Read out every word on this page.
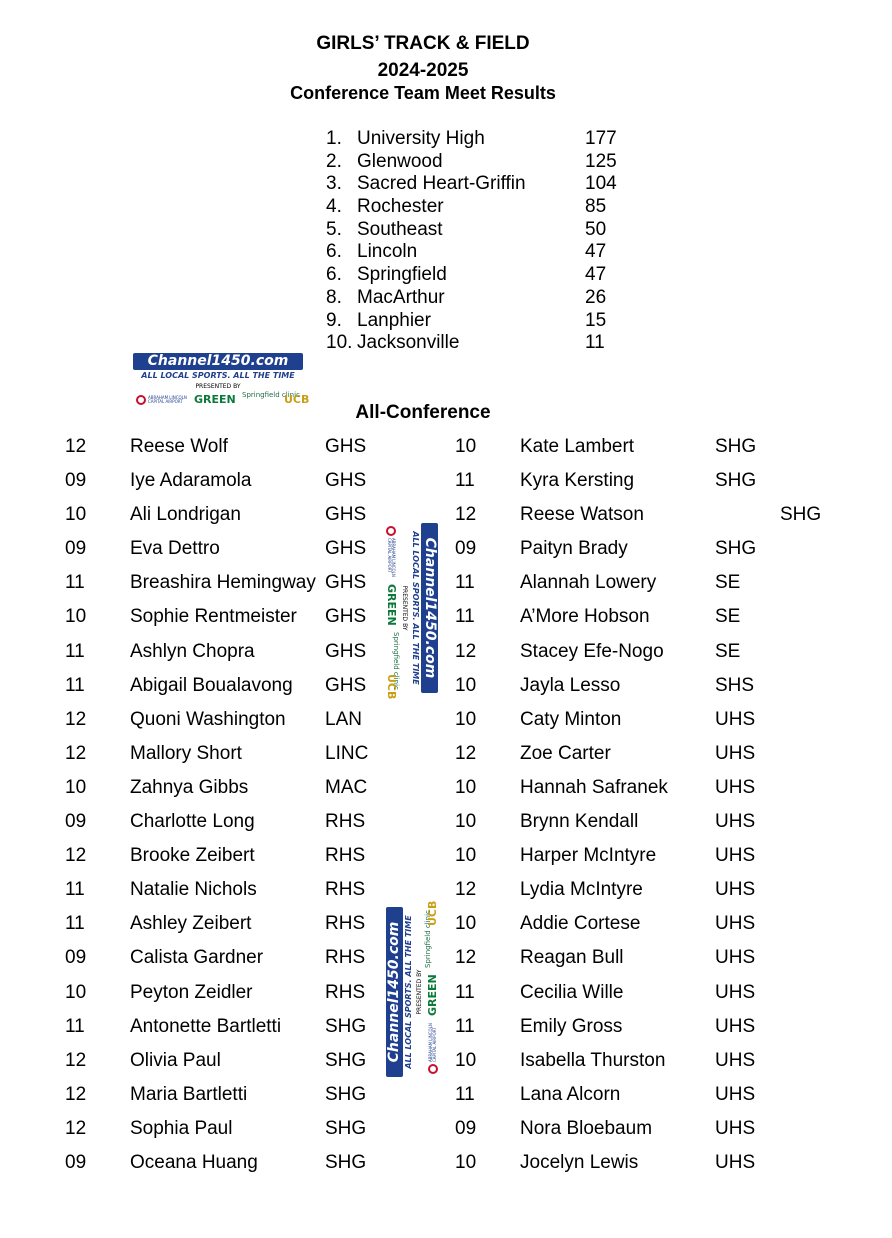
GIRLS’ TRACK & FIELD
2024-2025
Conference Team Meet Results
1. University High	177
2. Glenwood	125
3. Sacred Heart-Griffin	104
4. Rochester	85
5. Southeast	50
6. Lincoln	47
6. Springfield	47
8. MacArthur	26
9. Lanphier	15
10. Jacksonville	11
Channel1450.com
ALL LOCAL SPORTS. ALL THE TIME
PRESENTED BY
ABRAHAM LINCOLN CAPITAL AIRPORT	GREEN Springfield clinic
UCB
All-Conference
12 Reese Wolf	GHS	10 Kate Lambert	SHG
09 Iye Adaramola	GHS	11 Kyra Kersting	SHG
10 Ali Londrigan	GHS	12 Reese Watson	SHG
09 Eva Dettro	GHS	09 Paityn Brady	SHG
11 Breashira Hemingway GHS	11 Alannah Lowery	SE
10 Sophie Rentmeister GHS	11 A’More Hobson	SE
11 Ashlyn Chopra	GHS	12 Stacey Efe-Nogo	SE
11 Abigail Boualavong GHS	10 Jayla Lesso	SHS
12 Quoni Washington LAN	10 Caty Minton	UHS
12 Mallory Short	LINC	12 Zoe Carter	UHS
10 Zahnya Gibbs	MAC	10 Hannah Safranek UHS
09 Charlotte Long	RHS	10 Brynn Kendall	UHS
12 Brooke Zeibert	RHS	10 Harper McIntyre	UHS
11 Natalie Nichols	RHS	12 Lydia McIntyre	UHS
11 Ashley Zeibert	RHS	10 Addie Cortese	UHS
09 Calista Gardner	RHS	12 Reagan Bull	UHS
10 Peyton Zeidler	RHS	11 Cecilia Wille	UHS
11 Antonette Bartletti SHG	11 Emily Gross	UHS
12 Olivia Paul	SHG	10 Isabella Thurston	UHS
12 Maria Bartletti	SHG	11 Lana Alcorn	UHS
12 Sophia Paul	SHG	09 Nora Bloebaum	UHS
09 Oceana Huang	SHG	10 Jocelyn Lewis	UHS
Channel1450.com
ALL LOCAL SPORTS. ALL THE TIME
PRESENTED BY
ABRAHAM LINCOLN CAPITAL AIRPORT
GREEN
Springfield clinic
UCB
Channel1450.com ALL LOCAL SPORTS. ALL THE TIME PRESENTED BY
ABRAHAM LINCOLN CAPITAL AIRPORT
GREEN
Springfield clinic
UCB
